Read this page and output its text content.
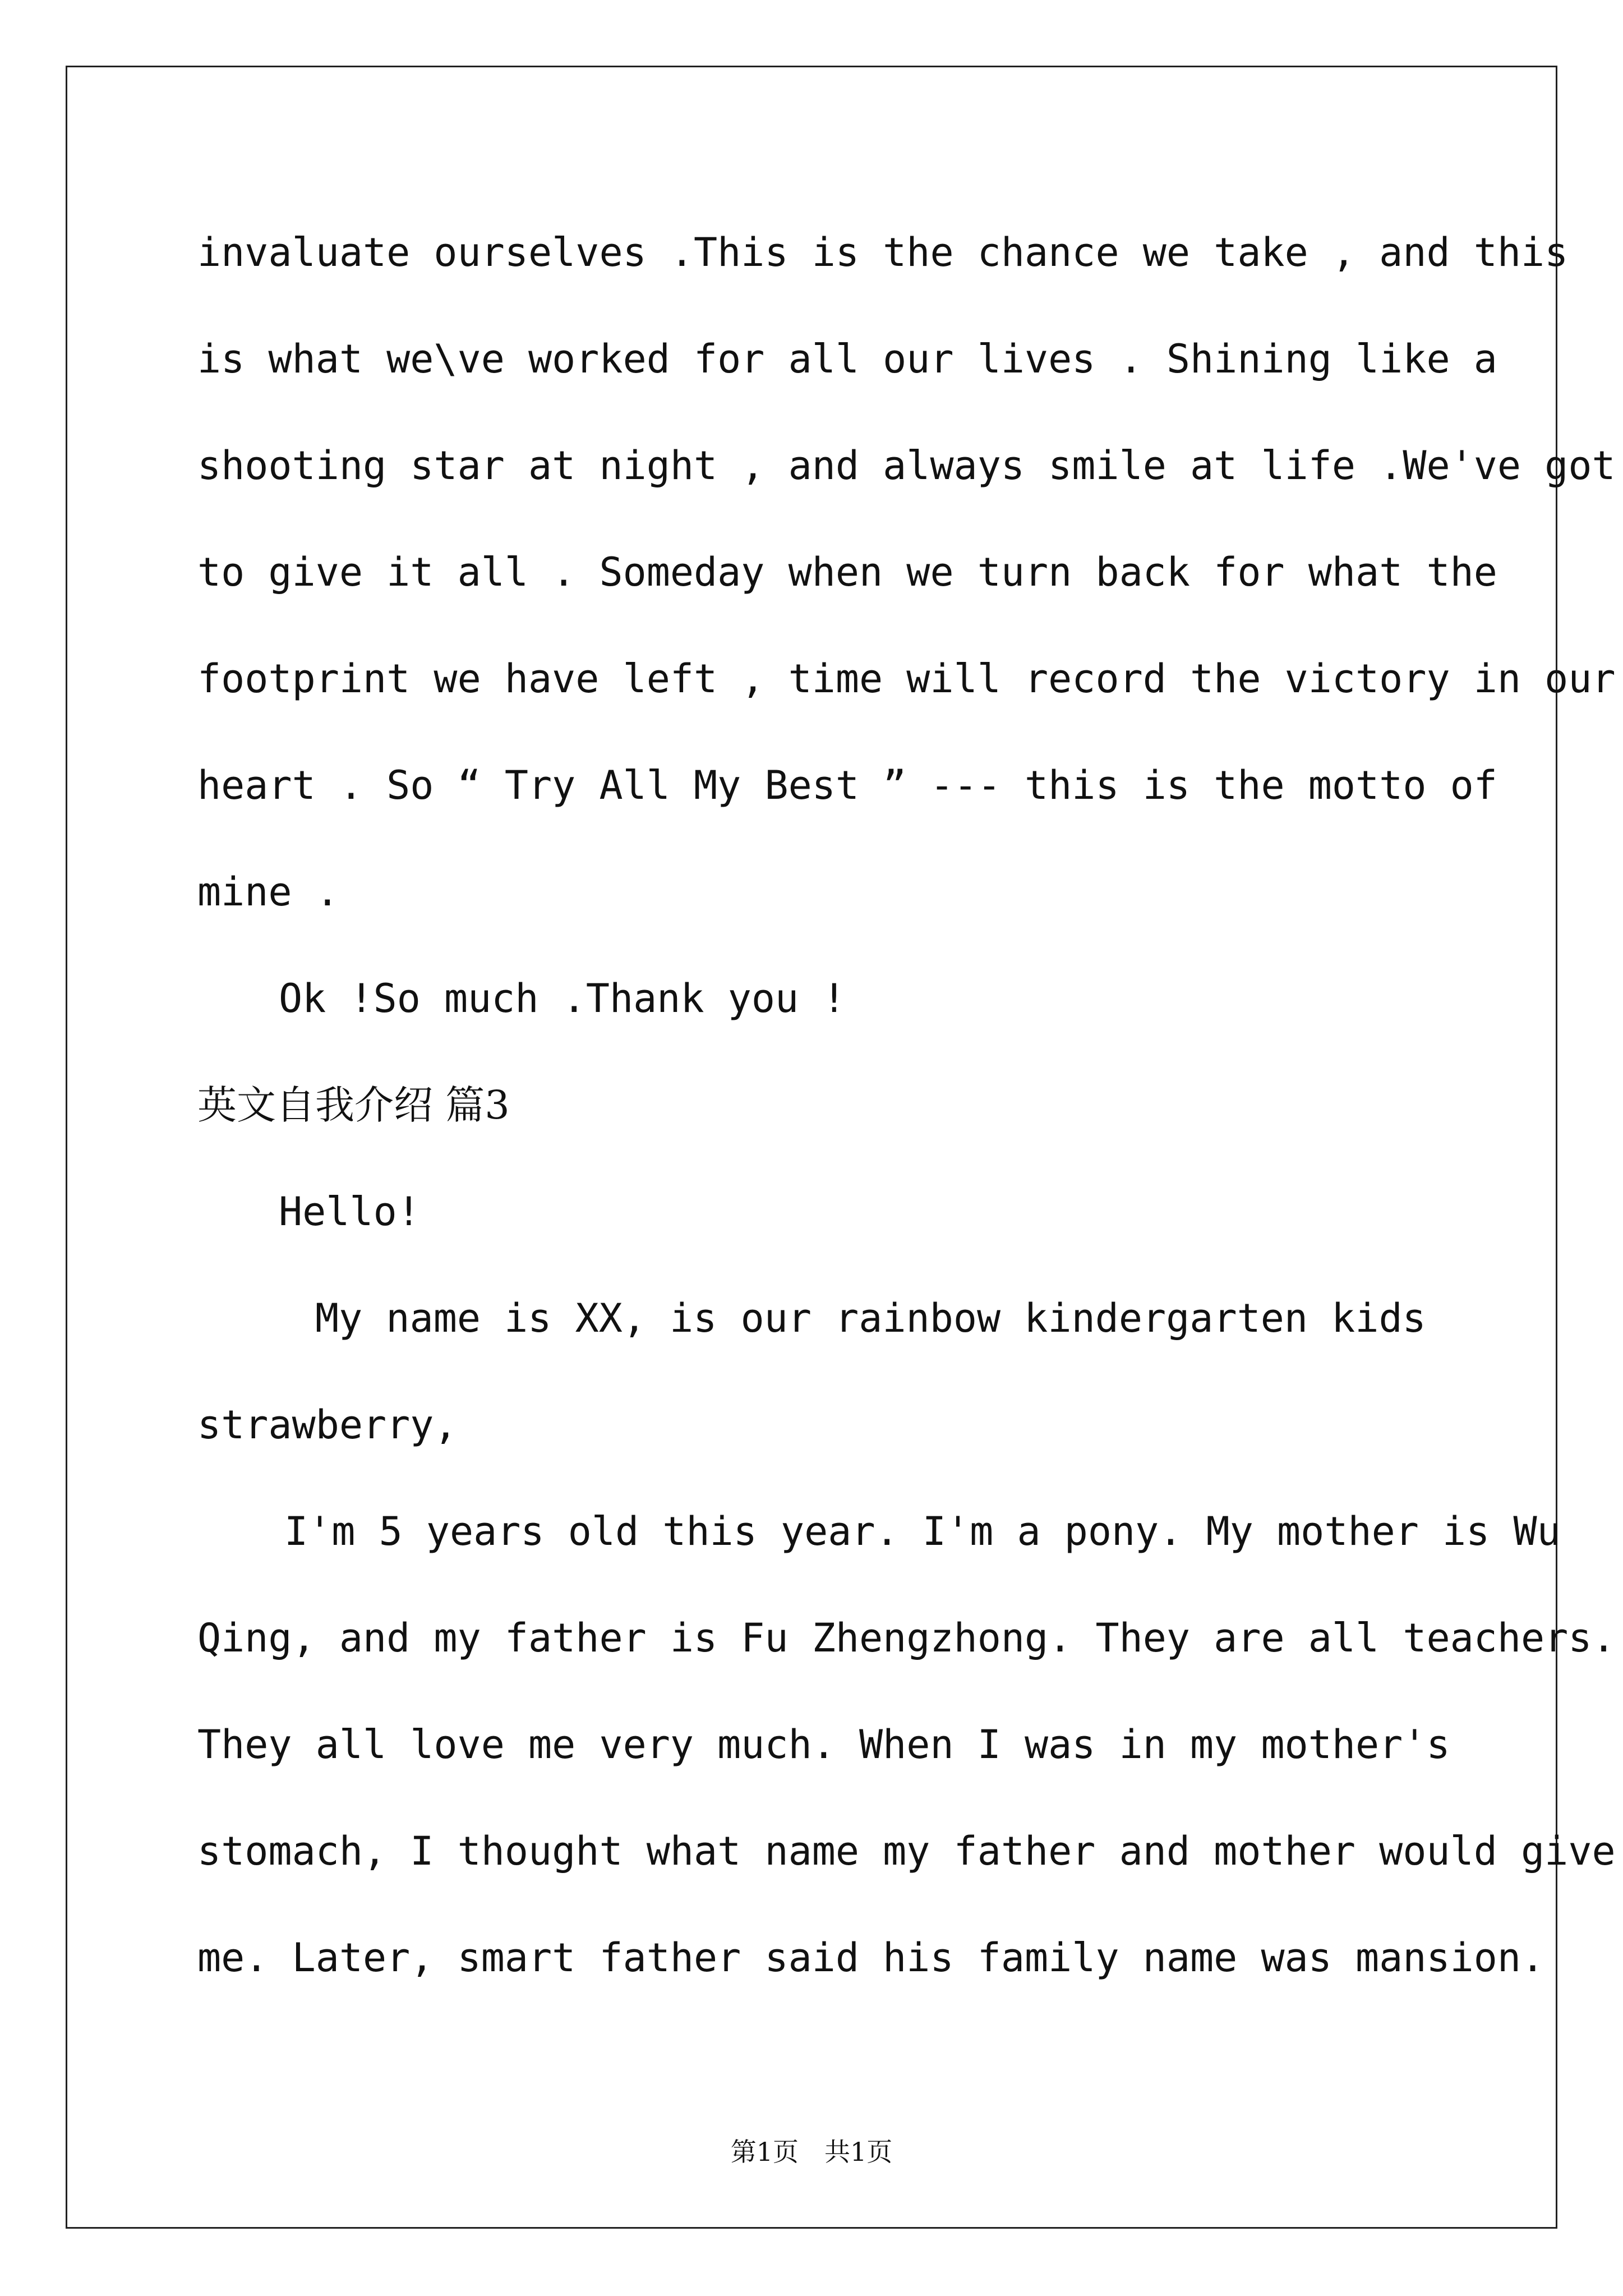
invaluate ourselves .This is the chance we take , and this
is what we\ve worked for all our lives . Shining like a
shooting star at night , and always smile at life .We've got
to give it all . Someday when we turn back for what the
footprint we have left , time will record the victory in our
heart . So “ Try All My Best ” --- this is the motto of
mine .
Ok !So much .Thank you !
英文自我介绍 篇3
Hello!
My name is XX, is our rainbow kindergarten kids
strawberry,
I'm 5 years old this year. I'm a pony. My mother is Wu
Qing, and my father is Fu Zhengzhong. They are all teachers.
They all love me very much. When I was in my mother's
stomach, I thought what name my father and mother would give
me. Later, smart father said his family name was mansion.
第1页　共1页
